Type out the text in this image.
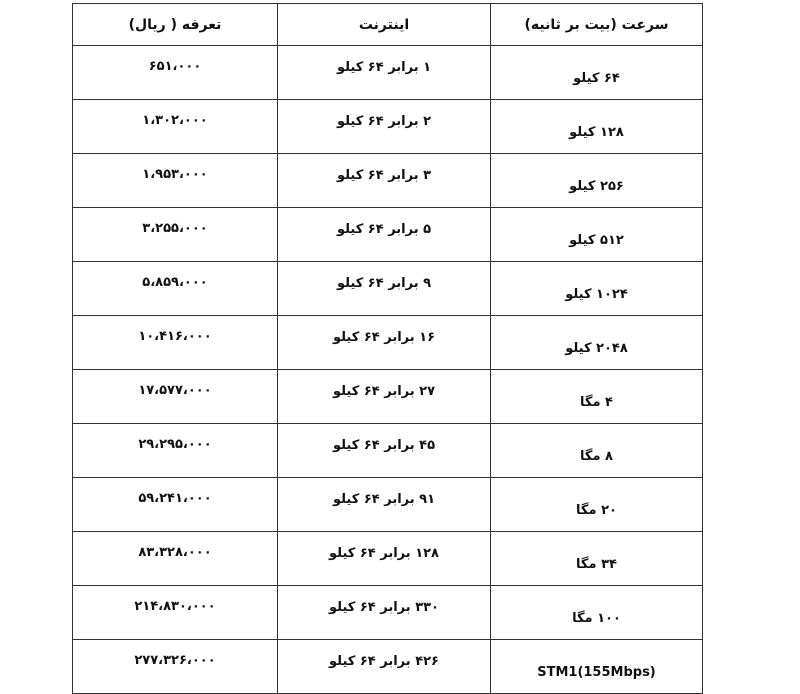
سرعت (بیت بر ثانیه)	اینترنت	تعرفه ( ریال)
۶۴ کیلو	۱ برابر ۶۴ کیلو	۶۵۱،۰۰۰
۱۲۸ کیلو	۲ برابر ۶۴ کیلو	۱،۳۰۲،۰۰۰
۲۵۶ کیلو	۳ برابر ۶۴ کیلو	۱،۹۵۳،۰۰۰
۵۱۲ کیلو	۵ برابر ۶۴ کیلو	۳،۲۵۵،۰۰۰
۱۰۲۴ کیلو	۹ برابر ۶۴ کیلو	۵،۸۵۹،۰۰۰
۲۰۴۸ کیلو	۱۶ برابر ۶۴ کیلو	۱۰،۴۱۶،۰۰۰
۴ مگا	۲۷ برابر ۶۴ کیلو	۱۷،۵۷۷،۰۰۰
۸ مگا	۴۵ برابر ۶۴ کیلو	۲۹،۲۹۵،۰۰۰
۲۰ مگا	۹۱ برابر ۶۴ کیلو	۵۹،۲۴۱،۰۰۰
۳۴ مگا	۱۲۸ برابر ۶۴ کیلو	۸۳،۳۲۸،۰۰۰
۱۰۰ مگا	۳۳۰ برابر ۶۴ کیلو	۲۱۴،۸۳۰،۰۰۰
STM1(155Mbps)	۴۲۶ برابر ۶۴ کیلو	۲۷۷،۳۲۶،۰۰۰
